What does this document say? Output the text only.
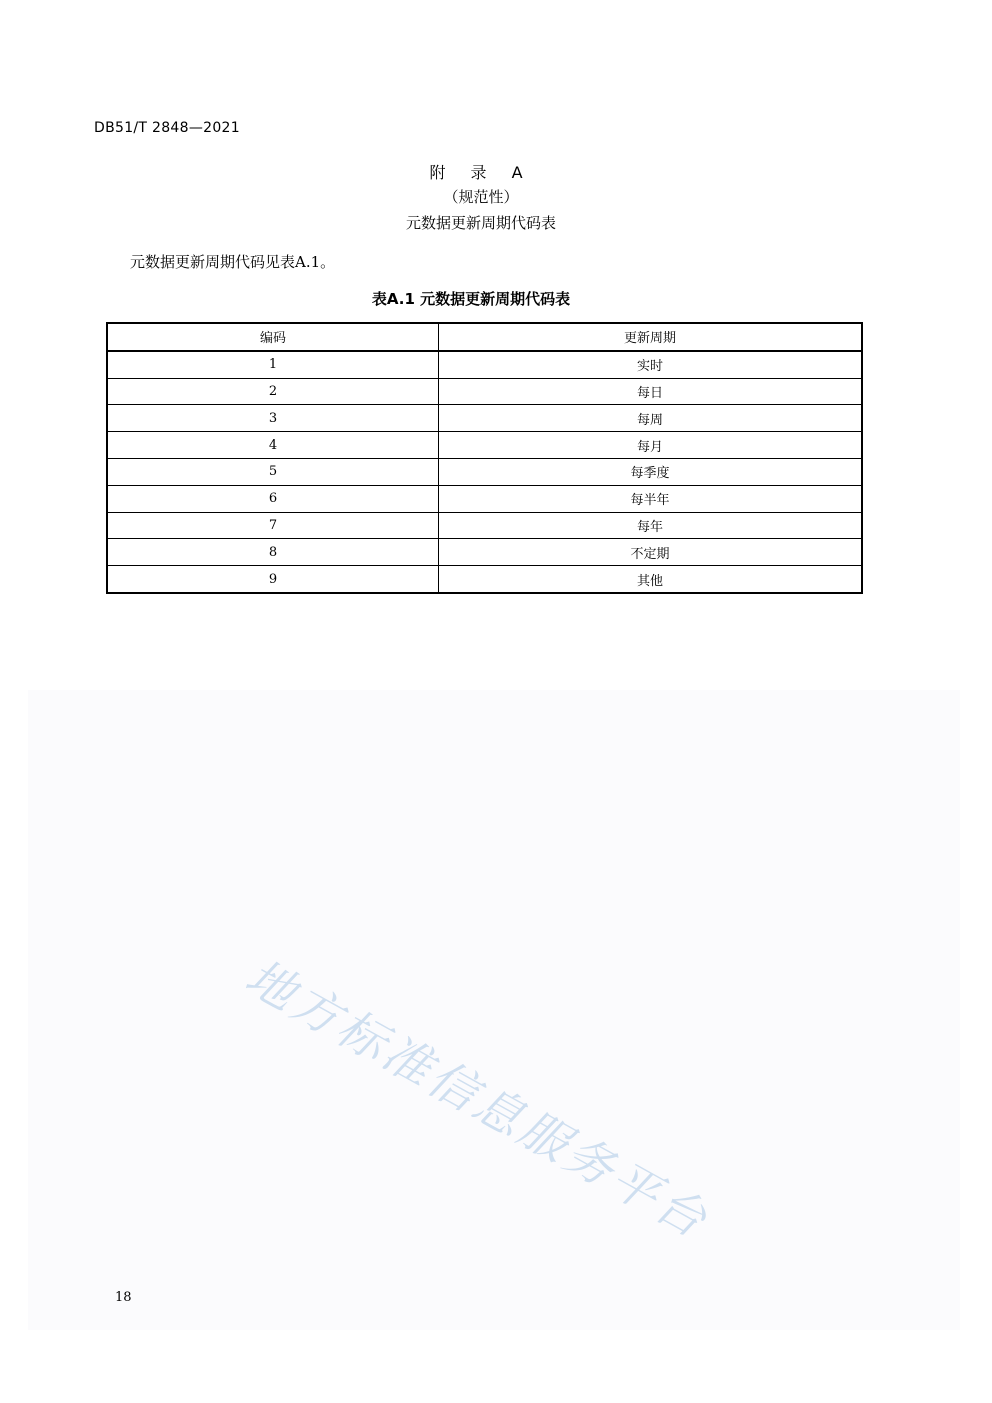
DB51/T 2848—2021
附 录 A
（规范性）
元数据更新周期代码表
元数据更新周期代码见表A.1。
表A.1 元数据更新周期代码表
编码	更新周期
1	实时
2	每日
3	每周
4	每月
5	每季度
6	每半年
7	每年
8	不定期
9	其他
地方标准信息服务平台
18
